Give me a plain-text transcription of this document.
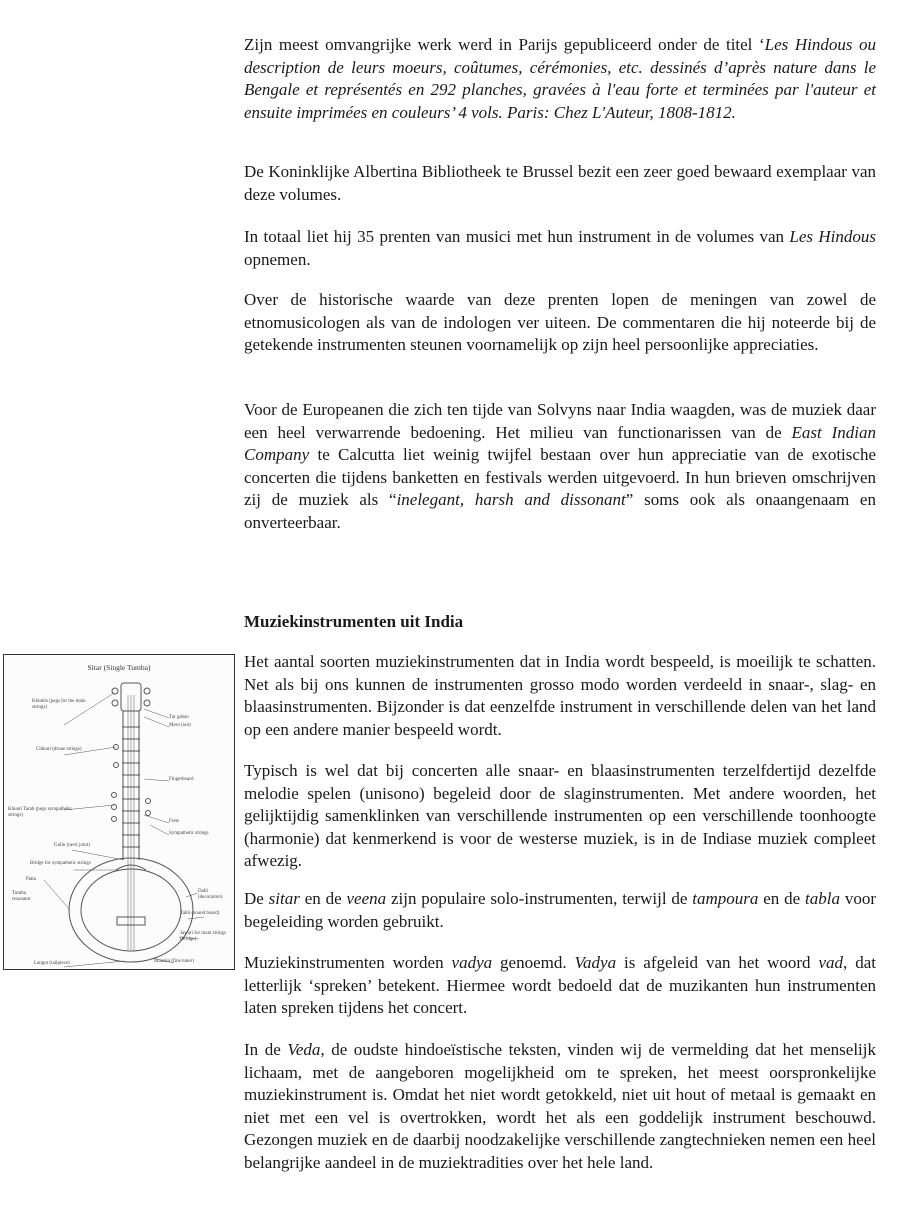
Zijn meest omvangrijke werk werd in Parijs gepubliceerd onder de titel ‘Les Hindous ou description de leurs moeurs, coûtumes, cérémonies, etc. dessinés d’après nature dans le Bengale et représentés en 292 planches, gravées à l'eau forte et terminées par l'auteur et ensuite imprimées en couleurs’ 4 vols. Paris: Chez L'Auteur, 1808-1812.

De Koninklijke Albertina Bibliotheek te Brussel bezit een zeer goed bewaard exemplaar van deze volumes.

In totaal liet hij 35 prenten van musici met hun instrument in de volumes van Les Hindous opnemen.

Over de historische waarde van deze prenten lopen de meningen van zowel de etnomusicologen als van de indologen ver uiteen. De commentaren die hij noteerde bij de getekende instrumenten steunen voornamelijk op zijn heel persoonlijke appreciaties.

Voor de Europeanen die zich ten tijde van Solvyns naar India waagden, was de muziek daar een heel verwarrende bedoening. Het milieu van functionarissen van de East Indian Company te Calcutta liet weinig twijfel bestaan over hun appreciatie van de exotische concerten die tijdens banketten en festivals werden uitgevoerd. In hun brieven omschrijven zij de muziek als “inelegant, harsh and dissonant” soms ook als onaangenaam en onverteerbaar.

Muziekinstrumenten uit India

Het aantal soorten muziekinstrumenten dat in India wordt bespeeld, is moeilijk te schatten. Net als bij ons kunnen de instrumenten grosso modo worden verdeeld in snaar-, slag- en blaasinstrumenten. Bijzonder is dat eenzelfde instrument in verschillende delen van het land op een andere manier bespeeld wordt.

Typisch is wel dat bij concerten alle snaar- en blaasinstrumenten terzelfdertijd dezelfde melodie spelen (unisono) begeleid door de slaginstrumenten. Met andere woorden, het gelijktijdig samenklinken van verschillende instrumenten op een verschillende toonhoogte (harmonie) dat kenmerkend is voor de westerse muziek, is in de Indiase muziek compleet afwezig.

De sitar en de veena zijn populaire solo-instrumenten, terwijl de tampoura en de tabla voor begeleiding worden gebruikt.

Muziekinstrumenten worden vadya genoemd. Vadya is afgeleid van het woord vad, dat letterlijk ‘spreken’ betekent. Hiermee wordt bedoeld dat de muzikanten hun instrumenten laten spreken tijdens het concert.

In de Veda, de oudste hindoeïstische teksten, vinden wij de vermelding dat het menselijk lichaam, met de aangeboren mogelijkheid om te spreken, het meest oorspronkelijke muziekinstrument is. Omdat het niet wordt getokkeld, niet uit hout of metaal is gemaakt en niet met een vel is overtrokken, wordt het als een goddelijk instrument beschouwd. Gezongen muziek en de daarbij noodzakelijke verschillende zangtechnieken nemen een heel belangrijke aandeel in de muziektradities over het hele land.

Sitar (Single Tumba)
Khuntis (pegs for the main strings)
Tar gahan
Meru (nut)
Chikari (drone strings)
Fingerboard
Khunti Tarab (pegs sympathetic strings)
Frets
Sympathetic strings
Gullu (neck joint)
Bridge for sympathetic strings
Patta
Tumba resonator
Dalli (decoration)
Tabli (sound board)
Jawari for main strings (bridge)
Langot (tailpiece)	Manaka (fine tuner)
